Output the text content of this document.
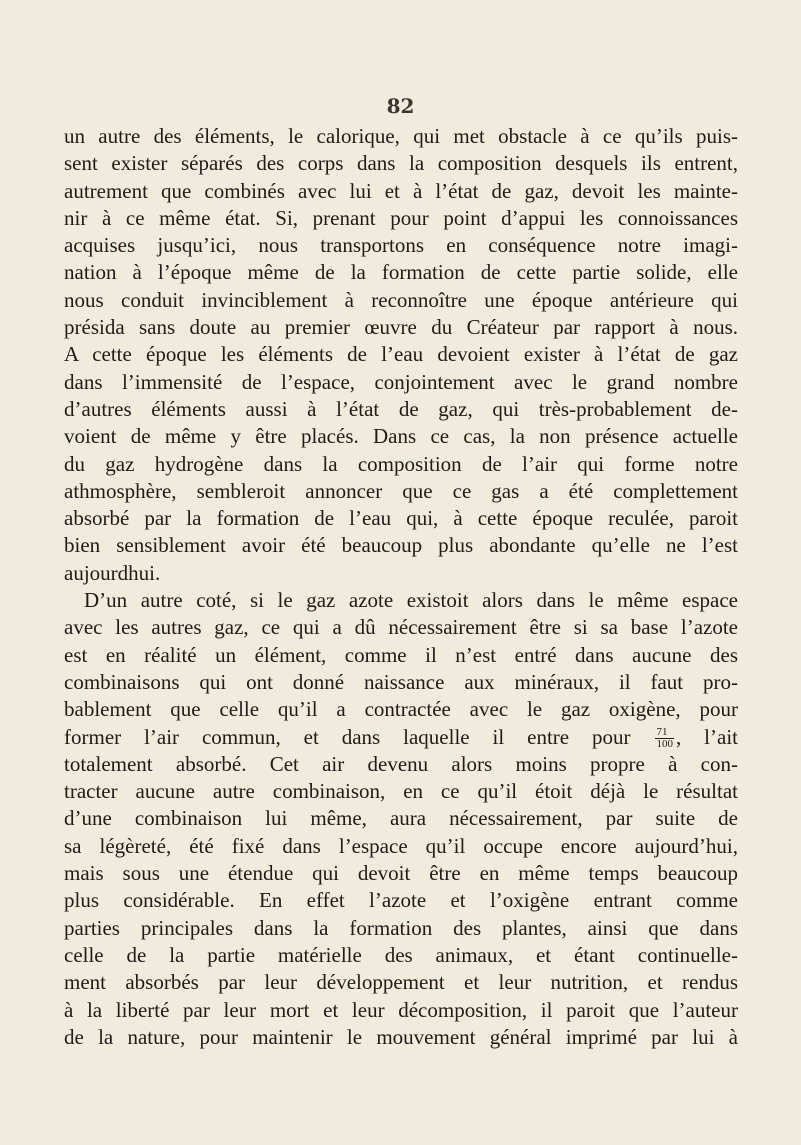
82
un autre des éléments, le calorique, qui met obstacle à ce qu’ils puis-
sent exister séparés des corps dans la composition desquels ils entrent,
autrement que combinés avec lui et à l’état de gaz, devoit les mainte-
nir à ce même état. Si, prenant pour point d’appui les connoissances
acquises jusqu’ici, nous transportons en conséquence notre imagi-
nation à l’époque même de la formation de cette partie solide, elle
nous conduit invinciblement à reconnoître une époque antérieure qui
présida sans doute au premier œuvre du Créateur par rapport à nous.
A cette époque les éléments de l’eau devoient exister à l’état de gaz
dans l’immensité de l’espace, conjointement avec le grand nombre
d’autres éléments aussi à l’état de gaz, qui très-probablement de-
voient de même y être placés. Dans ce cas, la non présence actuelle
du gaz hydrogène dans la composition de l’air qui forme notre
athmosphère, sembleroit annoncer que ce gas a été complettement
absorbé par la formation de l’eau qui, à cette époque reculée, paroit
bien sensiblement avoir été beaucoup plus abondante qu’elle ne l’est
aujourdhui.
D’un autre coté, si le gaz azote existoit alors dans le même espace
avec les autres gaz, ce qui a dû nécessairement être si sa base l’azote
est en réalité un élément, comme il n’est entré dans aucune des
combinaisons qui ont donné naissance aux minéraux, il faut pro-
bablement que celle qu’il a contractée avec le gaz oxigène, pour
former l’air commun, et dans laquelle il entre pour $\frac{71}{100}$ , l’ait
totalement absorbé. Cet air devenu alors moins propre à con-
tracter aucune autre combinaison, en ce qu’il étoit déjà le résultat
d’une combinaison lui même, aura nécessairement, par suite de
sa légèreté, été fixé dans l’espace qu’il occupe encore aujourd’hui,
mais sous une étendue qui devoit être en même temps beaucoup
plus considérable. En effet l’azote et l’oxigène entrant comme
parties principales dans la formation des plantes, ainsi que dans
celle de la partie matérielle des animaux, et étant continuelle-
ment absorbés par leur développement et leur nutrition, et rendus
à la liberté par leur mort et leur décomposition, il paroit que l’auteur
de la nature, pour maintenir le mouvement général imprimé par lui à
